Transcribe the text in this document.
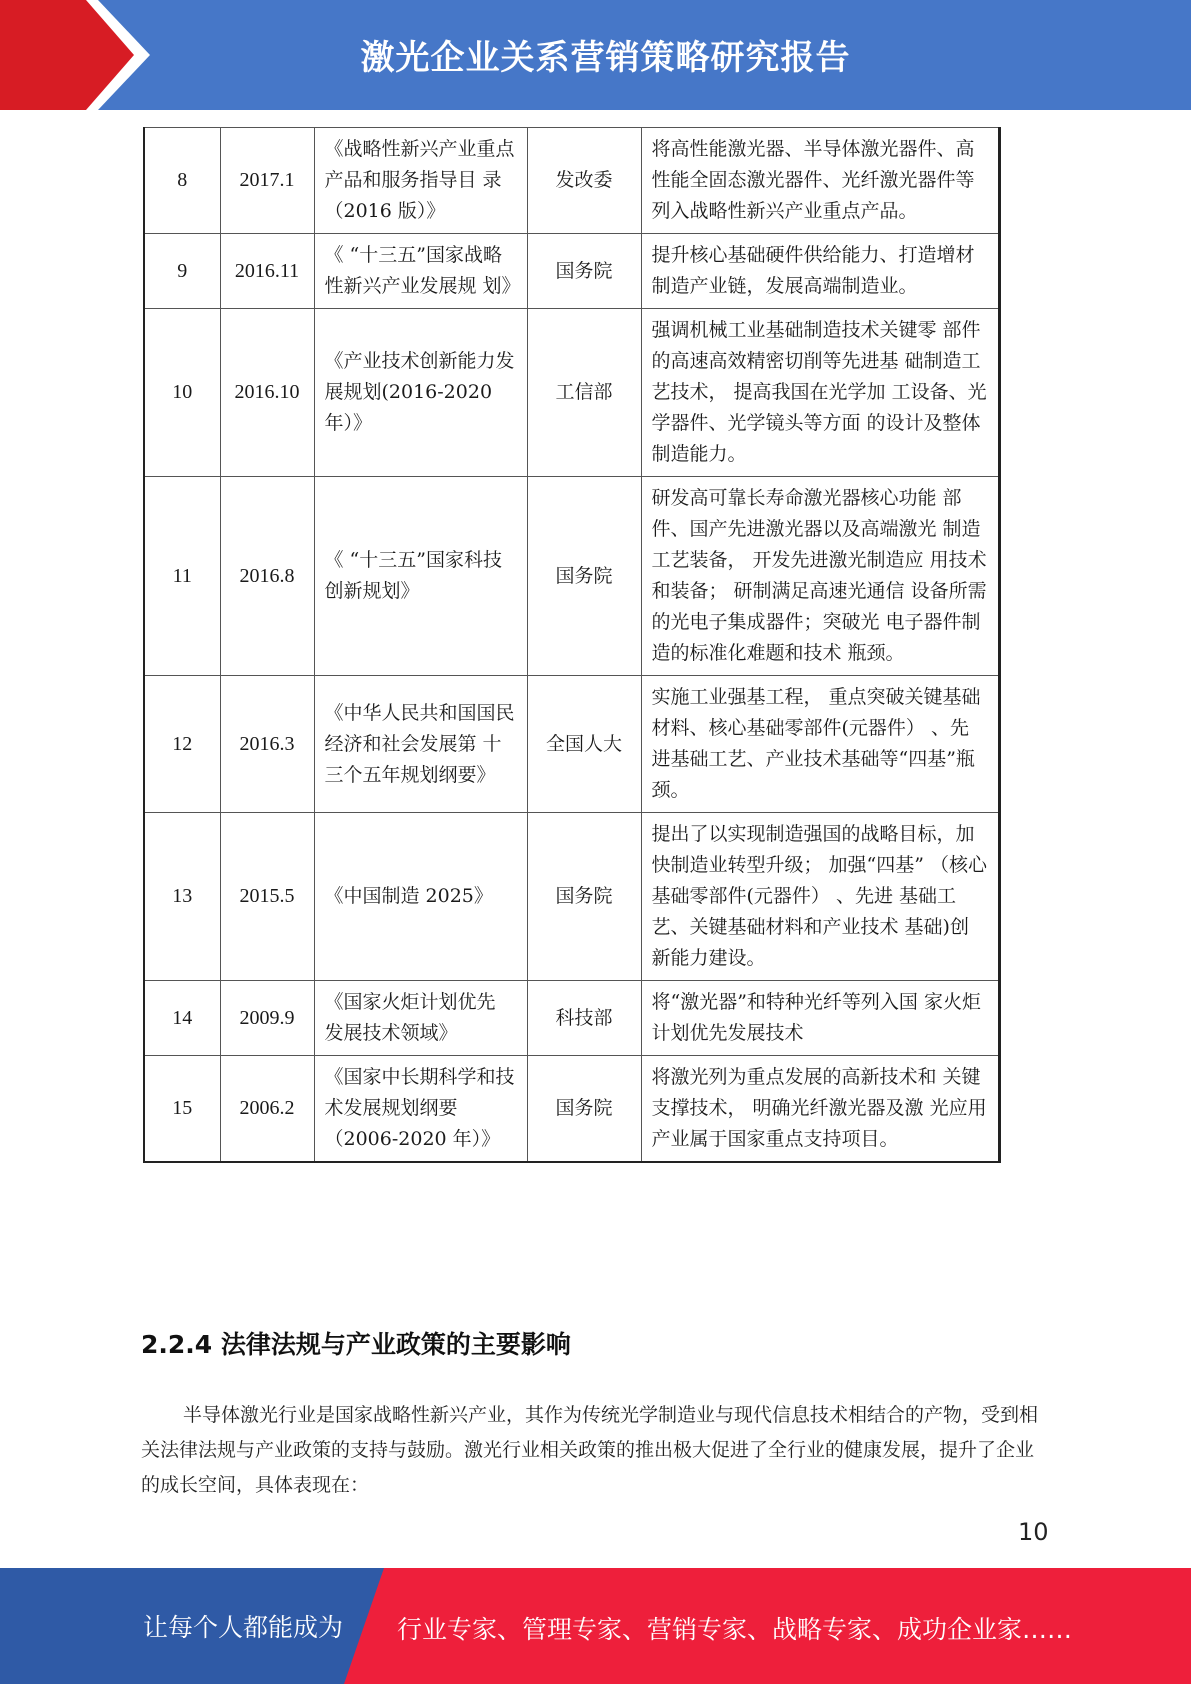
激光企业关系营销策略研究报告
8	2017.1	《战略性新兴产业重点产品和服务指导目 录（2016 版）》	发改委	将高性能激光器、半导体激光器件、高性能全固态激光器件、光纤激光器件等列入战略性新兴产业重点产品。
9	2016.11	《 “十三五”国家战略性新兴产业发展规 划》	国务院	提升核心基础硬件供给能力、打造增材制造产业链，发展高端制造业。
10	2016.10	《产业技术创新能力发展规划(2016-2020 年）》	工信部	强调机械工业基础制造技术关键零 部件的高速高效精密切削等先进基 础制造工艺技术， 提高我国在光学加 工设备、光学器件、光学镜头等方面 的设计及整体制造能力。
11	2016.8	《 “十三五”国家科技创新规划》	国务院	研发高可靠长寿命激光器核心功能 部件、国产先进激光器以及高端激光 制造工艺装备， 开发先进激光制造应 用技术和装备； 研制满足高速光通信 设备所需的光电子集成器件；突破光 电子器件制造的标准化难题和技术 瓶颈。
12	2016.3	《中华人民共和国国民经济和社会发展第 十三个五年规划纲要》	全国人大	实施工业强基工程， 重点突破关键基础材料、核心基础零部件(元器件） 、先进基础工艺、产业技术基础等“四基”瓶颈。
13	2015.5	《中国制造 2025》	国务院	提出了以实现制造强国的战略目标，加快制造业转型升级； 加强“四基” （核心基础零部件(元器件） 、先进 基础工艺、关键基础材料和产业技术 基础)创新能力建设。
14	2009.9	《国家火炬计划优先 发展技术领域》	科技部	将“激光器”和特种光纤等列入国 家火炬计划优先发展技术
15	2006.2	《国家中长期科学和技术发展规划纲要（2006-2020 年）》	国务院	将激光列为重点发展的高新技术和 关键支撑技术， 明确光纤激光器及激 光应用产业属于国家重点支持项目。
2.2.4 法律法规与产业政策的主要影响

半导体激光行业是国家战略性新兴产业，其作为传统光学制造业与现代信息技术相结合的产物，受到相关法律法规与产业政策的支持与鼓励。激光行业相关政策的推出极大促进了全行业的健康发展，提升了企业的成长空间，具体表现在：

10
让每个人都能成为 行业专家、管理专家、营销专家、战略专家、成功企业家……
